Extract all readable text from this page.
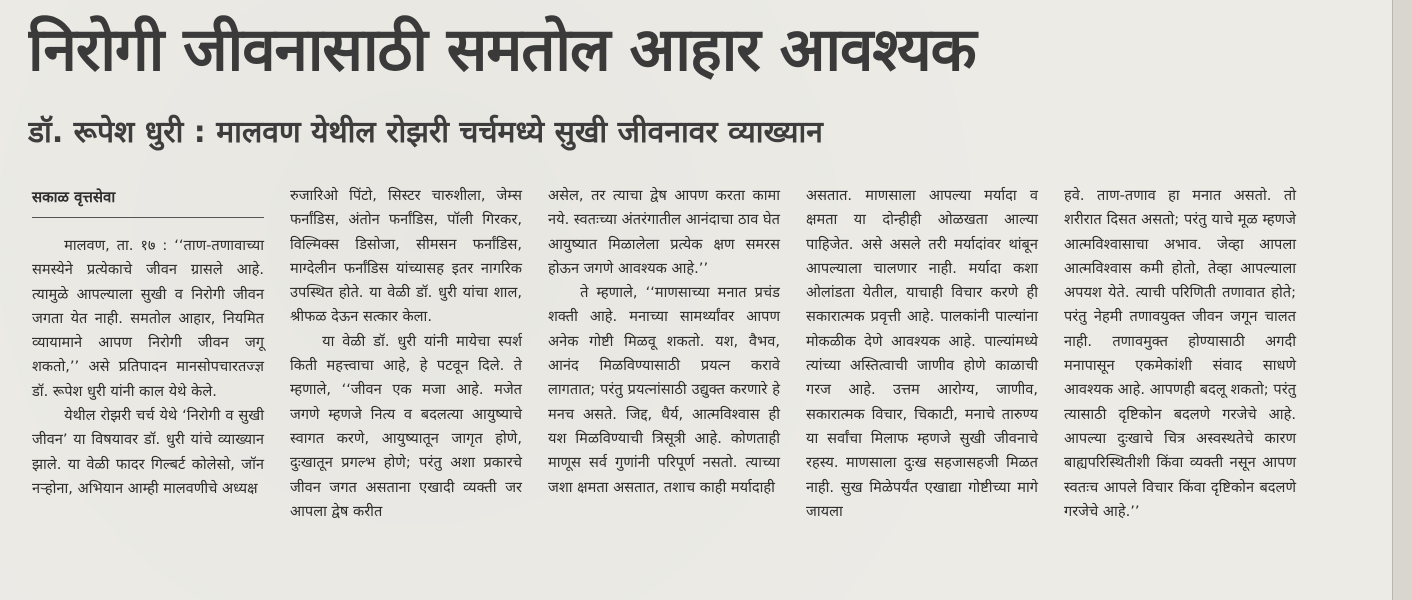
निरोगी जीवनासाठी समतोल आहार आवश्यक
डॉ. रूपेश धुरी : मालवण येथील रोझरी चर्चमध्ये सुखी जीवनावर व्याख्यान

सकाळ वृत्तसेवा

मालवण, ता. १७ : ‘‘ताण-तणावाच्या समस्येने प्रत्येकाचे जीवन ग्रासले आहे. त्यामुळे आपल्याला सुखी व निरोगी जीवन जगता येत नाही. समतोल आहार, नियमित व्यायामाने आपण निरोगी जीवन जगू शकतो,’’ असे प्रतिपादन मानसोपचारतज्ज्ञ डॉ. रूपेश धुरी यांनी काल येथे केले.

येथील रोझरी चर्च येथे ‘निरोगी व सुखी जीवन’ या विषयावर डॉ. धुरी यांचे व्याख्यान झाले. या वेळी फादर गिल्बर्ट कोलेसो, जॉन नऱ्होना, अभियान आम्ही मालवणीचे अध्यक्ष

रुजारिओ पिंटो, सिस्टर चारुशीला, जेम्स फर्नांडिस, अंतोन फर्नांडिस, पॉली गिरकर, विल्मिक्स डिसोजा, सीमसन फर्नांडिस, माग्देलीन फर्नांडिस यांच्यासह इतर नागरिक उपस्थित होते. या वेळी डॉ. धुरी यांचा शाल, श्रीफळ देऊन सत्कार केला.

या वेळी डॉ. धुरी यांनी मायेचा स्पर्श किती महत्त्वाचा आहे, हे पटवून दिले. ते म्हणाले, ‘‘जीवन एक मजा आहे. मजेत जगणे म्हणजे नित्य व बदलत्या आयुष्याचे स्वागत करणे, आयुष्यातून जागृत होणे, दुःखातून प्रगल्भ होणे; परंतु अशा प्रकारचे जीवन जगत असताना एखादी व्यक्ती जर आपला द्वेष करीत

असेल, तर त्याचा द्वेष आपण करता कामा नये. स्वतःच्या अंतरंगातील आनंदाचा ठाव घेत आयुष्यात मिळालेला प्रत्येक क्षण समरस होऊन जगणे आवश्यक आहे.’’

ते म्हणाले, ‘‘माणसाच्या मनात प्रचंड शक्ती आहे. मनाच्या सामर्थ्यांवर आपण अनेक गोष्टी मिळवू शकतो. यश, वैभव, आनंद मिळविण्यासाठी प्रयत्न करावे लागतात; परंतु प्रयत्नांसाठी उद्युक्त करणारे हे मनच असते. जिद्द, धैर्य, आत्मविश्वास ही यश मिळविण्याची त्रिसूत्री आहे. कोणताही माणूस सर्व गुणांनी परिपूर्ण नसतो. त्याच्या जशा क्षमता असतात, तशाच काही मर्यादाही

असतात. माणसाला आपल्या मर्यादा व क्षमता या दोन्हीही ओळखता आल्या पाहिजेत. असे असले तरी मर्यादांवर थांबून आपल्याला चालणार नाही. मर्यादा कशा ओलांडता येतील, याचाही विचार करणे ही सकारात्मक प्रवृत्ती आहे. पालकांनी पाल्यांना मोकळीक देणे आवश्यक आहे. पाल्यांमध्ये त्यांच्या अस्तित्वाची जाणीव होणे काळाची गरज आहे. उत्तम आरोग्य, जाणीव, सकारात्मक विचार, चिकाटी, मनाचे तारुण्य या सर्वांचा मिलाफ म्हणजे सुखी जीवनाचे रहस्य. माणसाला दुःख सहजासहजी मिळत नाही. सुख मिळेपर्यंत एखाद्या गोष्टीच्या मागे जायला

हवे. ताण-तणाव हा मनात असतो. तो शरीरात दिसत असतो; परंतु याचे मूळ म्हणजे आत्मविश्वासाचा अभाव. जेव्हा आपला आत्मविश्वास कमी होतो, तेव्हा आपल्याला अपयश येते. त्याची परिणिती तणावात होते; परंतु नेहमी तणावयुक्त जीवन जगून चालत नाही. तणावमुक्त होण्यासाठी अगदी मनापासून एकमेकांशी संवाद साधणे आवश्यक आहे. आपणही बदलू शकतो; परंतु त्यासाठी दृष्टिकोन बदलणे गरजेचे आहे. आपल्या दुःखाचे चित्र अस्वस्थतेचे कारण बाह्यपरिस्थितीशी किंवा व्यक्ती नसून आपण स्वतःच आपले विचार किंवा दृष्टिकोन बदलणे गरजेचे आहे.’’
